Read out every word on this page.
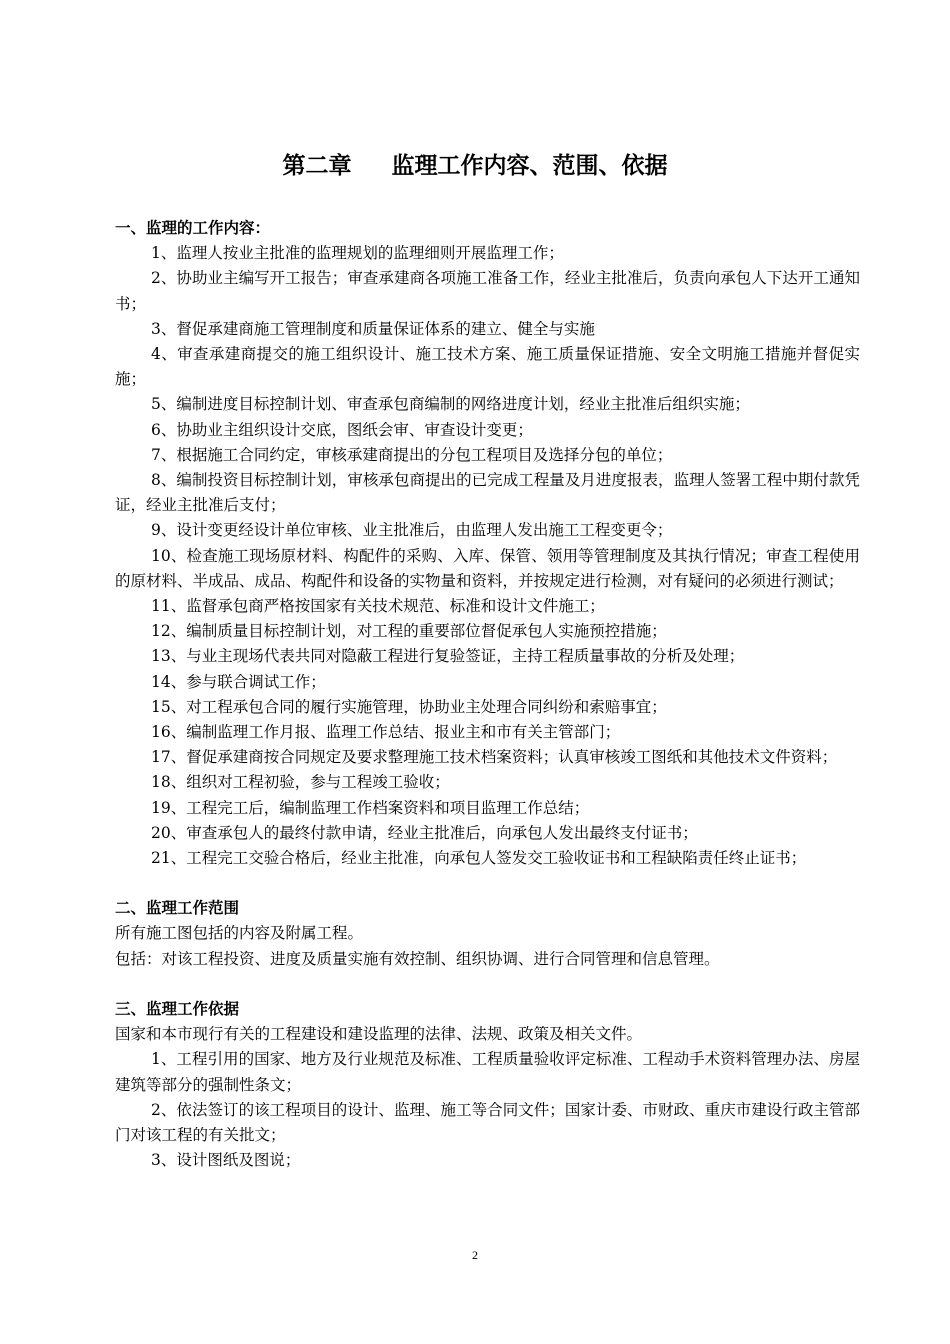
第二章 监理工作内容、范围、依据
一、监理的工作内容：
1、监理人按业主批准的监理规划的监理细则开展监理工作；
2、协助业主编写开工报告；审查承建商各项施工准备工作，经业主批准后，负责向承包人下达开工通知书；
3、督促承建商施工管理制度和质量保证体系的建立、健全与实施
4、审查承建商提交的施工组织设计、施工技术方案、施工质量保证措施、安全文明施工措施并督促实施；
5、编制进度目标控制计划、审查承包商编制的网络进度计划，经业主批准后组织实施；
6、协助业主组织设计交底，图纸会审、审查设计变更；
7、根据施工合同约定，审核承建商提出的分包工程项目及选择分包的单位；
8、编制投资目标控制计划，审核承包商提出的已完成工程量及月进度报表，监理人签署工程中期付款凭证，经业主批准后支付；
9、设计变更经设计单位审核、业主批准后，由监理人发出施工工程变更令；
10、检查施工现场原材料、构配件的采购、入库、保管、领用等管理制度及其执行情况；审查工程使用的原材料、半成品、成品、构配件和设备的实物量和资料，并按规定进行检测，对有疑问的必须进行测试；
11、监督承包商严格按国家有关技术规范、标准和设计文件施工；
12、编制质量目标控制计划，对工程的重要部位督促承包人实施预控措施；
13、与业主现场代表共同对隐蔽工程进行复验签证，主持工程质量事故的分析及处理；
14、参与联合调试工作；
15、对工程承包合同的履行实施管理，协助业主处理合同纠纷和索赔事宜；
16、编制监理工作月报、监理工作总结、报业主和市有关主管部门；
17、督促承建商按合同规定及要求整理施工技术档案资料；认真审核竣工图纸和其他技术文件资料；
18、组织对工程初验，参与工程竣工验收；
19、工程完工后，编制监理工作档案资料和项目监理工作总结；
20、审查承包人的最终付款申请，经业主批准后，向承包人发出最终支付证书；
21、工程完工交验合格后，经业主批准，向承包人签发交工验收证书和工程缺陷责任终止证书；
二、监理工作范围
所有施工图包括的内容及附属工程。
包括：对该工程投资、进度及质量实施有效控制、组织协调、进行合同管理和信息管理。
三、监理工作依据
国家和本市现行有关的工程建设和建设监理的法律、法规、政策及相关文件。
1、工程引用的国家、地方及行业规范及标准、工程质量验收评定标准、工程动手术资料管理办法、房屋建筑等部分的强制性条文；
2、依法签订的该工程项目的设计、监理、施工等合同文件；国家计委、市财政、重庆市建设行政主管部门对该工程的有关批文；
3、设计图纸及图说；
2
